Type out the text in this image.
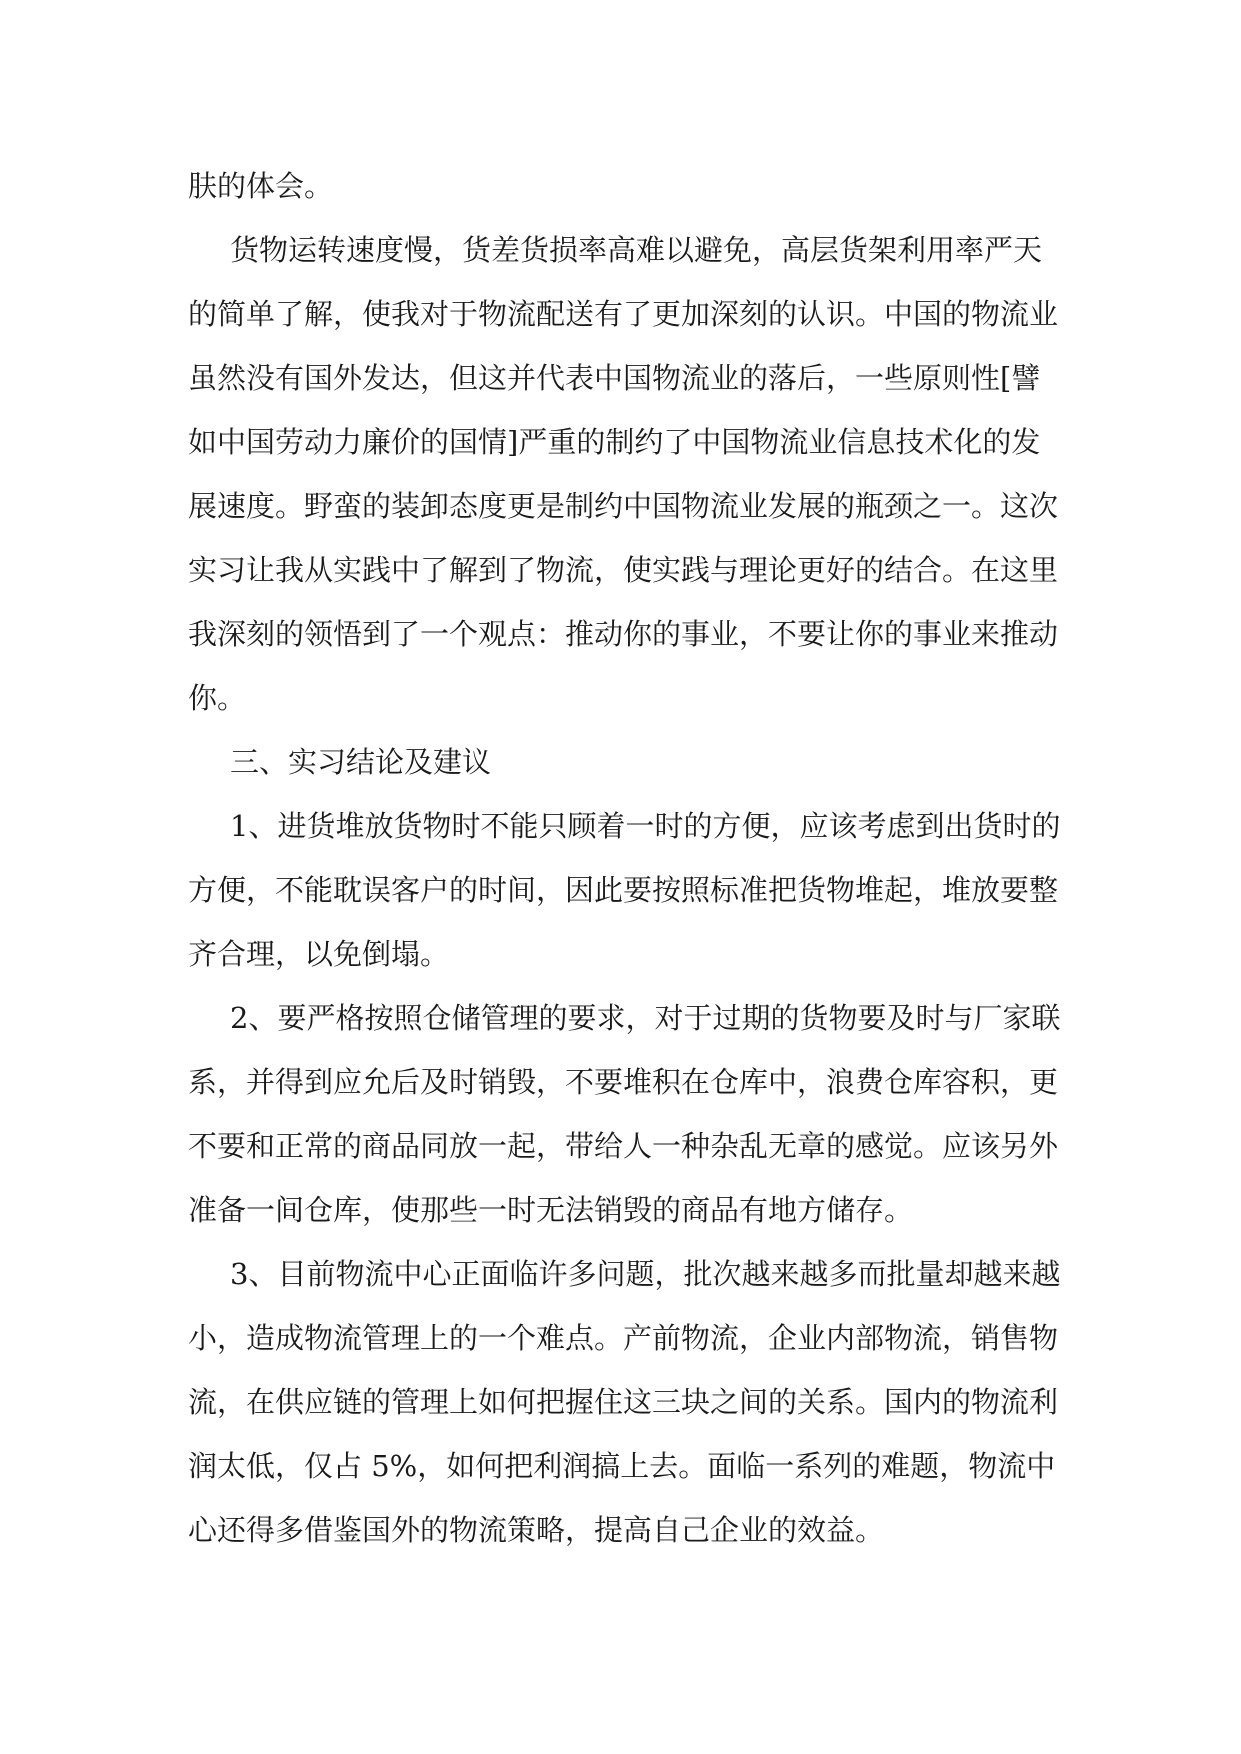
肤的体会。
货物运转速度慢，货差货损率高难以避免，高层货架利用率严天
的简单了解，使我对于物流配送有了更加深刻的认识。中国的物流业
虽然没有国外发达，但这并代表中国物流业的落后，一些原则性[譬
如中国劳动力廉价的国情]严重的制约了中国物流业信息技术化的发
展速度。野蛮的装卸态度更是制约中国物流业发展的瓶颈之一。这次
实习让我从实践中了解到了物流，使实践与理论更好的结合。在这里
我深刻的领悟到了一个观点：推动你的事业，不要让你的事业来推动
你。
三、实习结论及建议
1、进货堆放货物时不能只顾着一时的方便，应该考虑到出货时的
方便，不能耽误客户的时间，因此要按照标准把货物堆起，堆放要整
齐合理，以免倒塌。
2、要严格按照仓储管理的要求，对于过期的货物要及时与厂家联
系，并得到应允后及时销毁，不要堆积在仓库中，浪费仓库容积，更
不要和正常的商品同放一起，带给人一种杂乱无章的感觉。应该另外
准备一间仓库，使那些一时无法销毁的商品有地方储存。
3、目前物流中心正面临许多问题，批次越来越多而批量却越来越
小，造成物流管理上的一个难点。产前物流，企业内部物流，销售物
流，在供应链的管理上如何把握住这三块之间的关系。国内的物流利
润太低，仅占 5%，如何把利润搞上去。面临一系列的难题，物流中
心还得多借鉴国外的物流策略，提高自己企业的效益。
